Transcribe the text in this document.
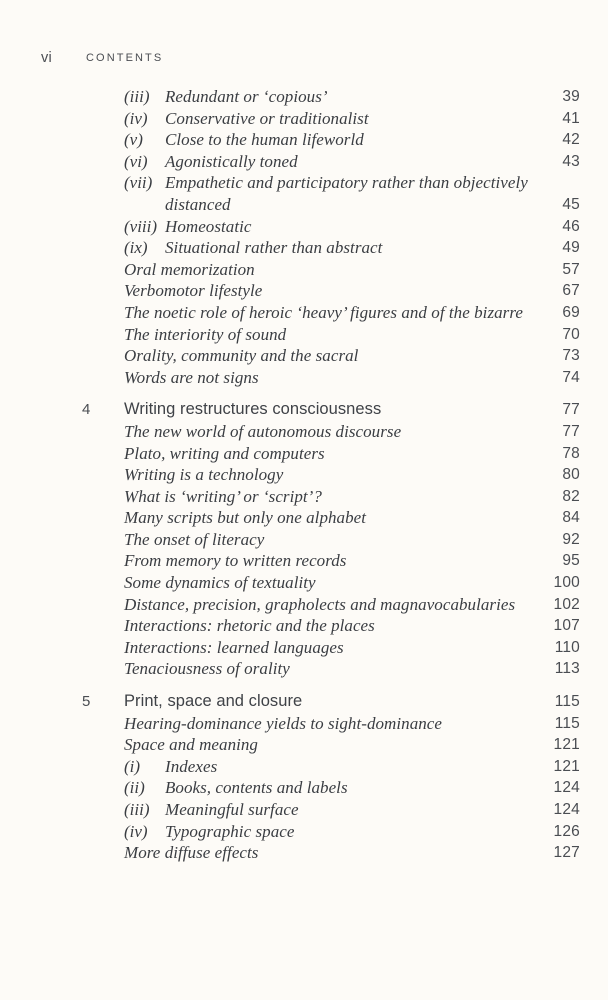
vi	CONTENTS
(iii) Redundant or ‘copious’	39
(iv) Conservative or traditionalist	41
(v) Close to the human lifeworld	42
(vi) Agonistically toned	43
(vii) Empathetic and participatory rather than objectively distanced	45
(viii) Homeostatic	46
(ix) Situational rather than abstract	49
Oral memorization	57
Verbomotor lifestyle	67
The noetic role of heroic ‘heavy’ figures and of the bizarre	69
The interiority of sound	70
Orality, community and the sacral	73
Words are not signs	74
4	Writing restructures consciousness	77
The new world of autonomous discourse	77
Plato, writing and computers	78
Writing is a technology	80
What is ‘writing’ or ‘script’?	82
Many scripts but only one alphabet	84
The onset of literacy	92
From memory to written records	95
Some dynamics of textuality	100
Distance, precision, grapholects and magnavocabularies	102
Interactions: rhetoric and the places	107
Interactions: learned languages	110
Tenaciousness of orality	113
5	Print, space and closure	115
Hearing-dominance yields to sight-dominance	115
Space and meaning	121
(i) Indexes	121
(ii) Books, contents and labels	124
(iii) Meaningful surface	124
(iv) Typographic space	126
More diffuse effects	127
